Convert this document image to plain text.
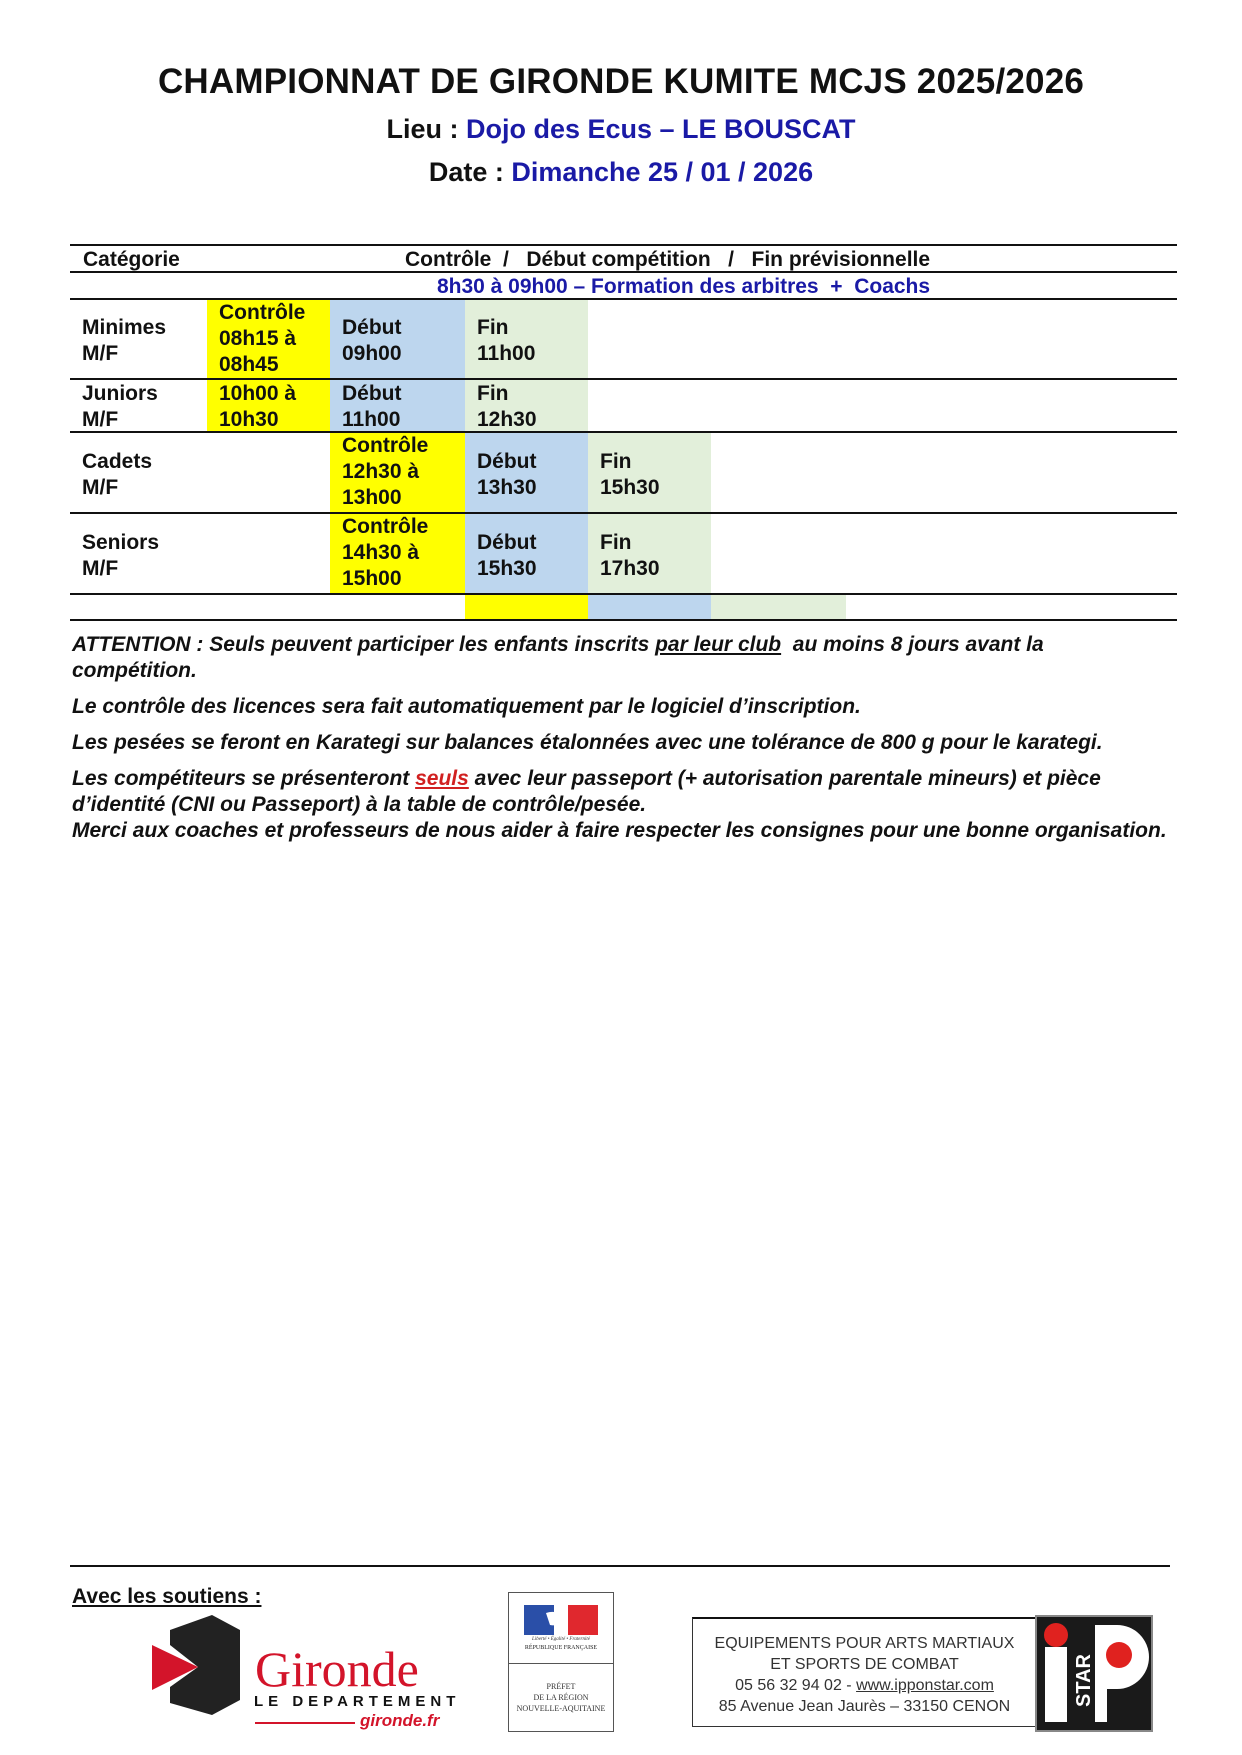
CHAMPIONNAT DE GIRONDE KUMITE MCJS 2025/2026
Lieu : Dojo des Ecus – LE BOUSCAT
Date : Dimanche 25 / 01 / 2026
Catégorie	Contrôle  /   Début compétition   /   Fin prévisionnelle
8h30 à 09h00 – Formation des arbitres  +  Coachs
Minimes
M/F
Contrôle
08h15 à
08h45
Début
09h00
Fin
11h00
Juniors
M/F
10h00 à
10h30
Début
11h00
Fin
12h30
Cadets
M/F
Contrôle
12h30 à
13h00
Début
13h30
Fin
15h30
Seniors
M/F
Contrôle
14h30 à
15h00
Début
15h30
Fin
17h30

ATTENTION : Seuls peuvent participer les enfants inscrits par leur club  au moins 8 jours avant la compétition.

Le contrôle des licences sera fait automatiquement par le logiciel d’inscription.

Les pesées se feront en Karategi sur balances étalonnées avec une tolérance de 800 g pour le karategi.

Les compétiteurs se présenteront seuls avec leur passeport (+ autorisation parentale mineurs) et pièce d’identité (CNI ou Passeport) à la table de contrôle/pesée.

Merci aux coaches et professeurs de nous aider à faire respecter les consignes pour une bonne organisation.

Avec les soutiens :
Gironde
LE DEPARTEMENT
gironde.fr
Liberté • Égalité • Fraternité
RÉPUBLIQUE FRANÇAISE
PRÉFET
DE LA RÉGION
NOUVELLE-AQUITAINE
EQUIPEMENTS POUR ARTS MARTIAUX
ET SPORTS DE COMBAT
05 56 32 94 02 - www.ipponstar.com
85 Avenue Jean Jaurès – 33150 CENON	STAR
